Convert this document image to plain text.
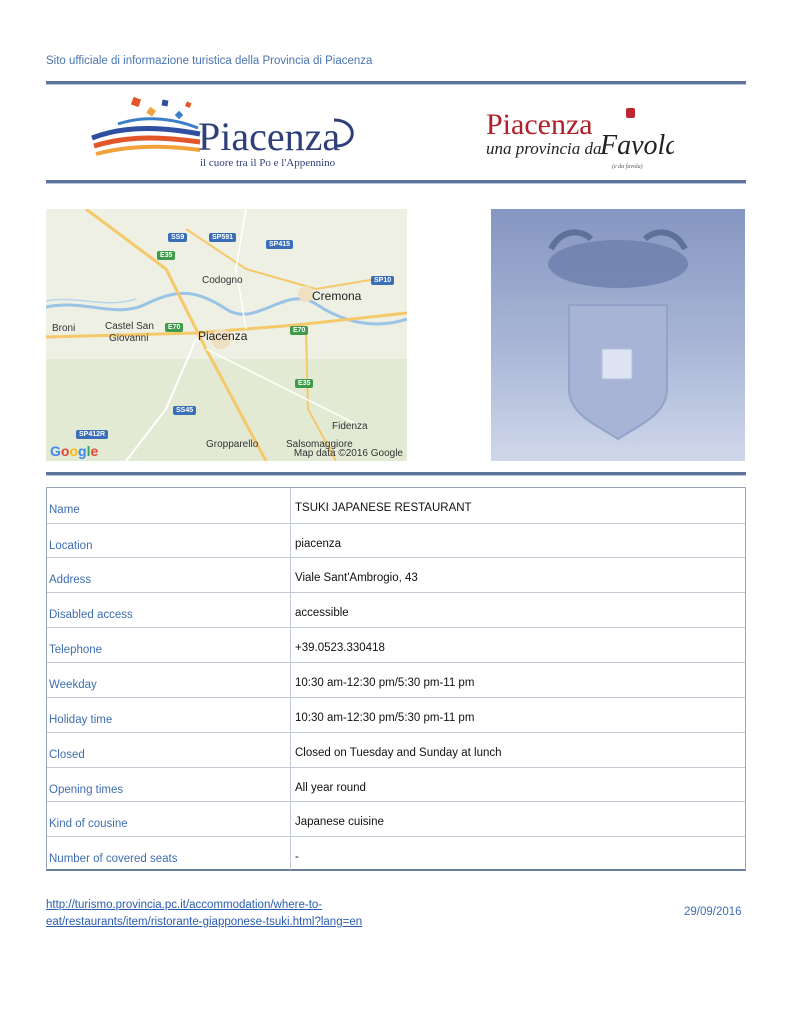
Sito ufficiale di informazione turistica della Provincia di Piacenza
Piacenza
il cuore tra il Po e l'Appennino
Piacenza
una provincia da
Favola
(e da favola)
SS9	SP591
SP415
E35
SP10
E70	E70
E35
SS45
SP412R
Codogno
Cremona
Broni	Castel San
Giovanni	Piacenza
Fidenza
Gropparello	Salsomaggiore
Google	Map data ©2016 Google
Name	TSUKI JAPANESE RESTAURANT
Location	piacenza
Address	Viale Sant'Ambrogio, 43
Disabled access	accessible
Telephone	+39.0523.330418
Weekday	10:30 am-12:30 pm/5:30 pm-11 pm
Holiday time	10:30 am-12:30 pm/5:30 pm-11 pm
Closed	Closed on Tuesday and Sunday at lunch
Opening times	All year round
Kind of cousine	Japanese cuisine
Number of covered seats	-
http://turismo.provincia.pc.it/accommodation/where-to-eat/restaurants/item/ristorante-giapponese-tsuki.html?lang=en
29/09/2016
